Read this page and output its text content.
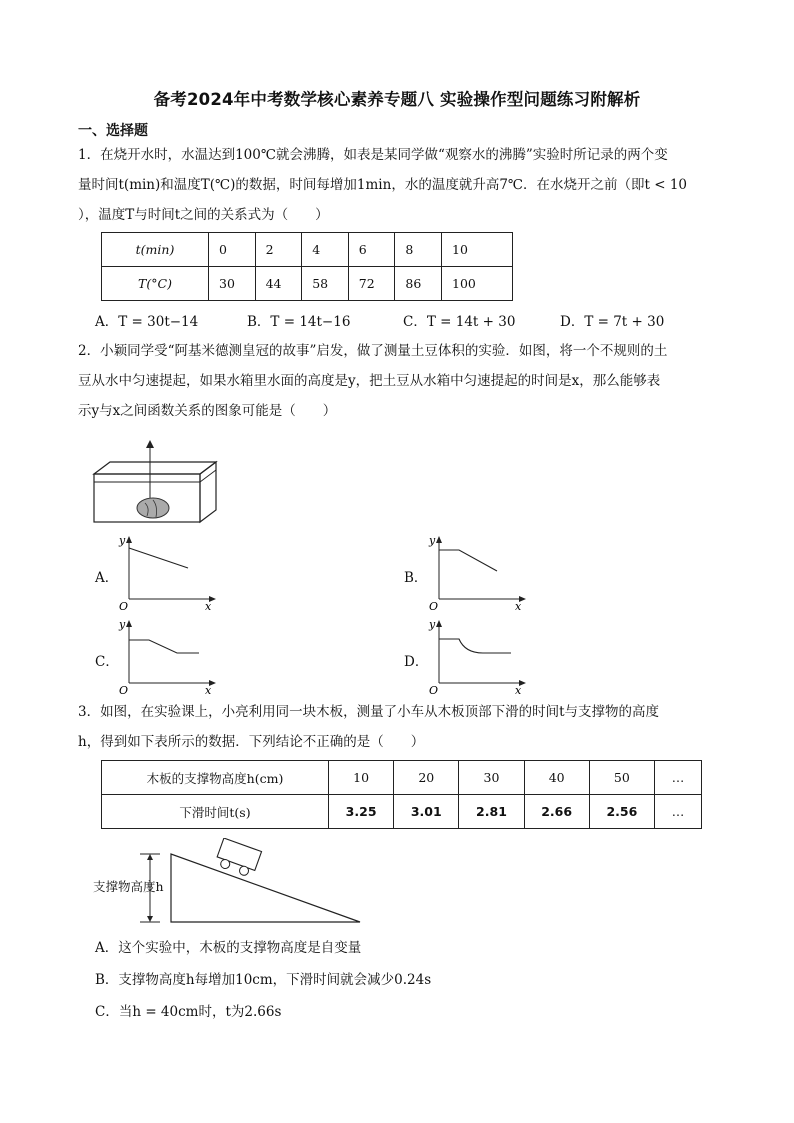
备考2024年中考数学核心素养专题八 实验操作型问题练习附解析
一、选择题
1．在烧开水时，水温达到100℃就会沸腾，如表是某同学做“观察水的沸腾”实验时所记录的两个变
量时间t(min)和温度T(℃)的数据，时间每增加1min，水的温度就升高7℃．在水烧开之前（即t < 10
），温度T与时间t之间的关系式为（　　）
t(min)	0	2	4	6	8	10
T(°C)	30	44	58	72	86	100
A．T = 30t−14	B．T = 14t−16	C．T = 14t + 30	D．T = 7t + 30
2．小颖同学受“阿基米德测皇冠的故事”启发，做了测量土豆体积的实验．如图，将一个不规则的土
豆从水中匀速提起，如果水箱里水面的高度是y，把土豆从水箱中匀速提起的时间是x，那么能够表
示y与x之间函数关系的图象可能是（　　）
A．
y
x
O
B．
y
x
O
C．
y
x
O
D．
y
x
O
3．如图，在实验课上，小亮利用同一块木板，测量了小车从木板顶部下滑的时间t与支撑物的高度
h，得到如下表所示的数据．下列结论不正确的是（　　）
木板的支撑物高度h(cm)	10	20	30	40	50	…
下滑时间t(s)	3.25	3.01	2.81	2.66	2.56	…
支撑物高度h
A．这个实验中，木板的支撑物高度是自变量
B．支撑物高度h每增加10cm，下滑时间就会减少0.24s
C．当h = 40cm时，t为2.66s
